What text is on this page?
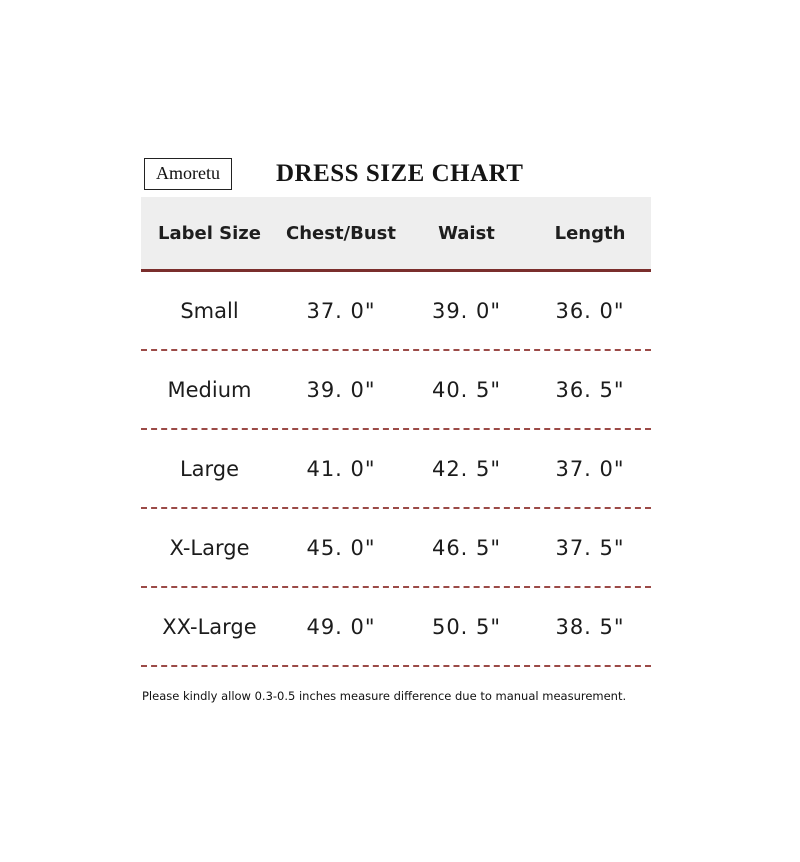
Amoretu	DRESS SIZE CHART
Label Size	Chest/Bust	Waist	Length
Small	37. 0"	39. 0"	36. 0"
Medium	39. 0"	40. 5"	36. 5"
Large	41. 0"	42. 5"	37. 0"
X-Large	45. 0"	46. 5"	37. 5"
XX-Large	49. 0"	50. 5"	38. 5"
Please kindly allow 0.3-0.5 inches measure difference due to manual measurement.
